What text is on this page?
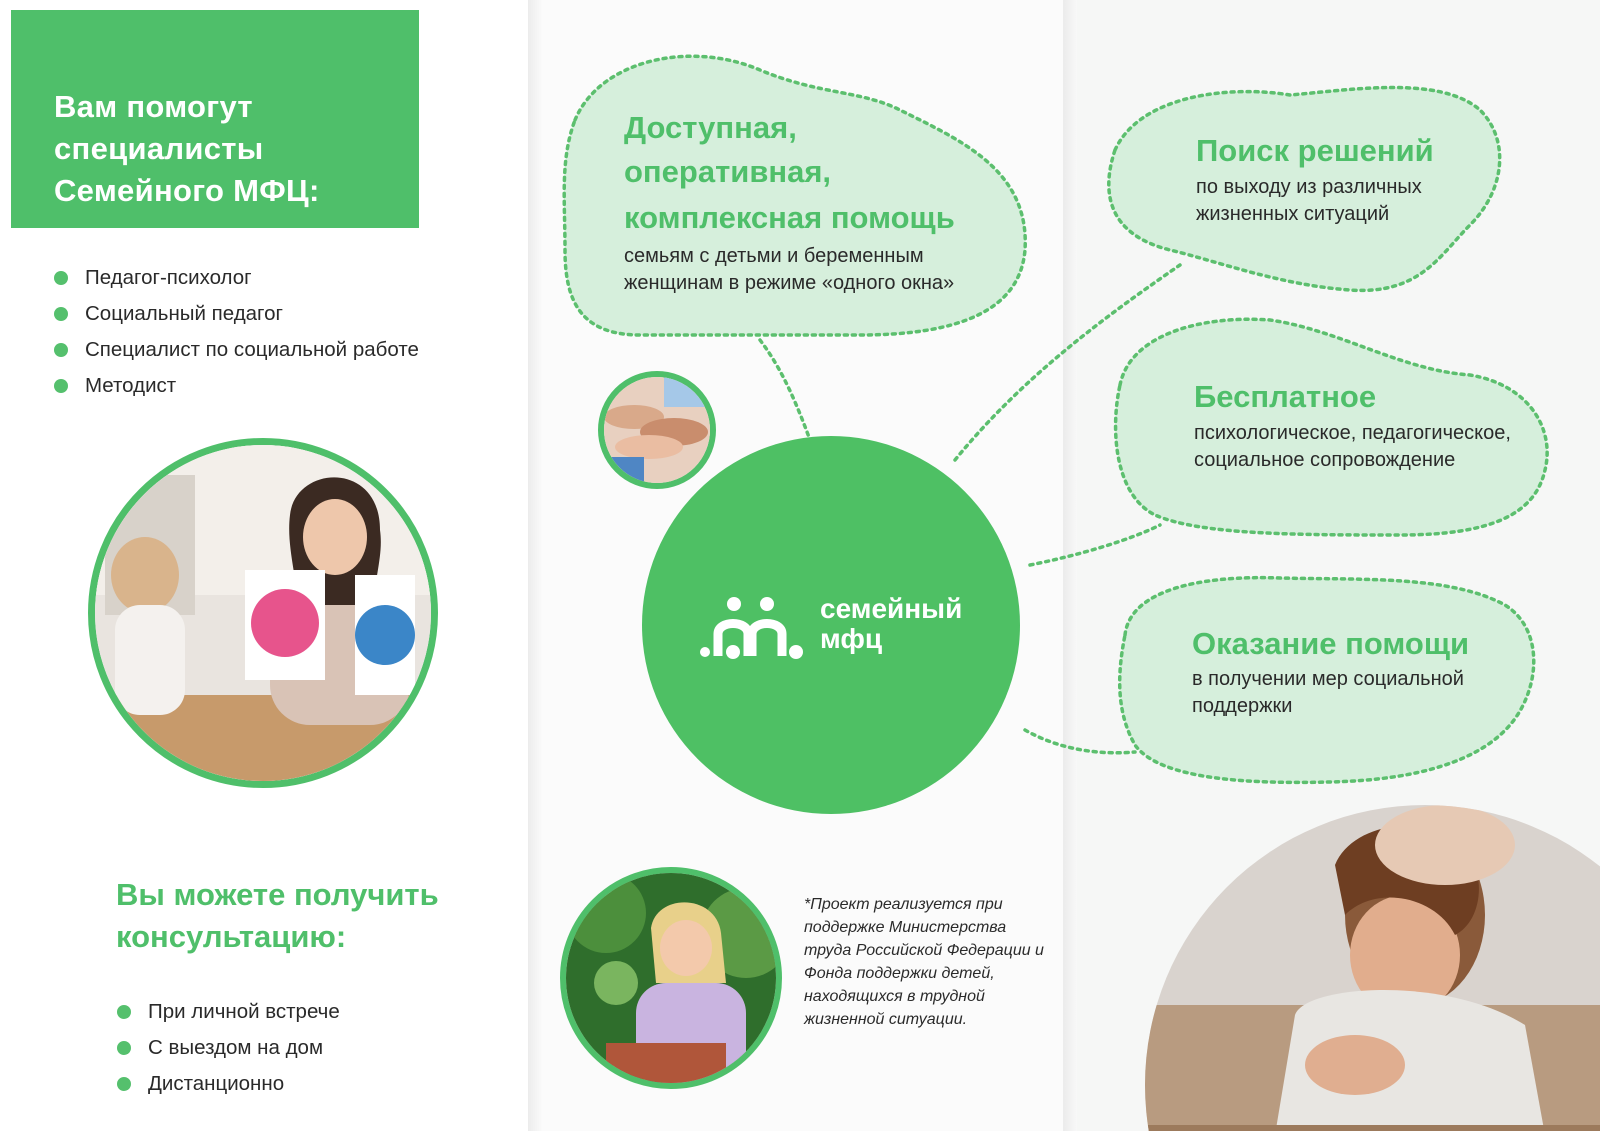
Вам помогут специалисты Семейного МФЦ:
Педагог-психолог
Социальный педагог
Специалист по социальной работе
Методист
Вы можете получить консультацию:
При личной встрече
С выездом на дом
Дистанционно
Доступная,
оперативная,
комплексная помощь
семьям с детьми и беременным
женщинам в режиме «одного окна»
семейный
мфц
*Проект реализуется при поддержке Министерства труда Российской Федерации и Фонда поддержки детей, находящихся в трудной жизненной ситуации.
Поиск решений
по выходу из различных
жизненных ситуаций
Бесплатное
психологическое, педагогическое,
социальное сопровождение
Оказание помощи
в получении мер социальной
поддержки
